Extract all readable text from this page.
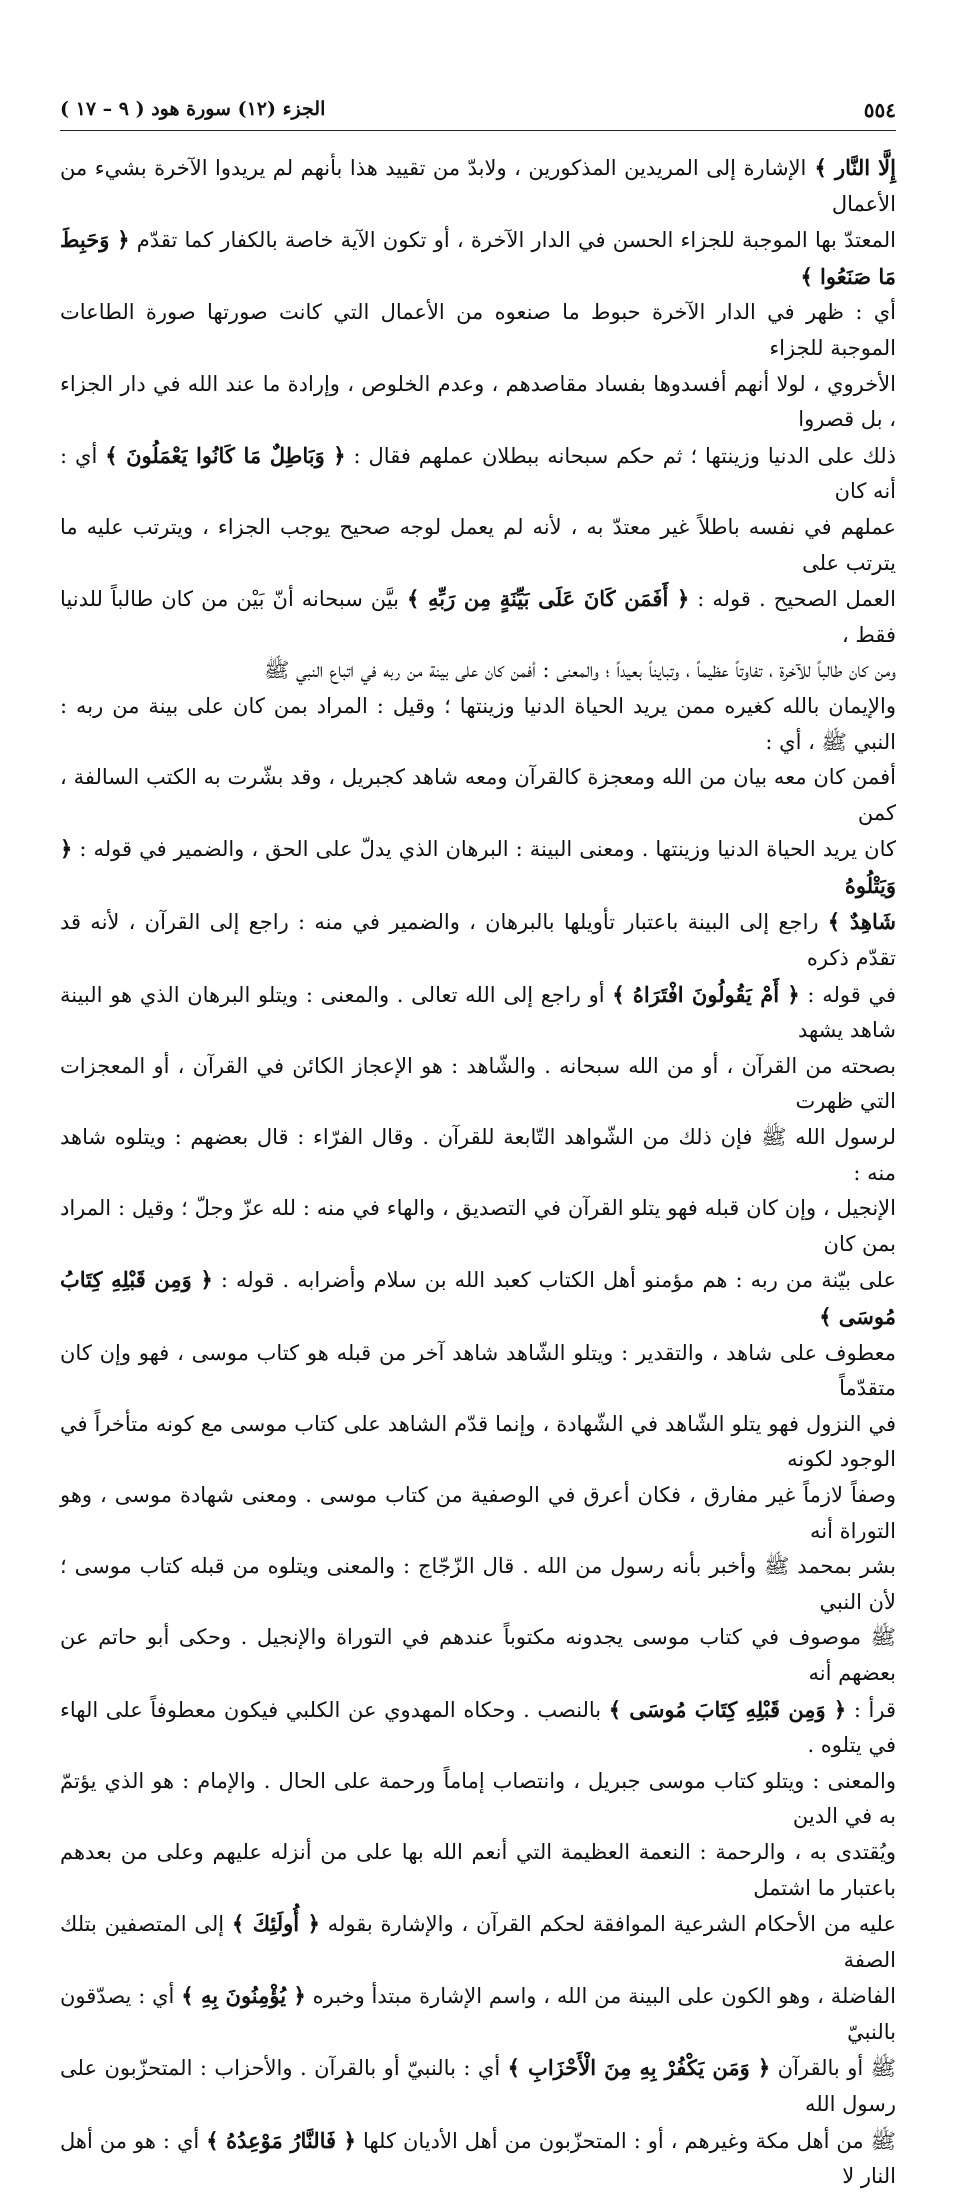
٥٥٤
الجزء (١٢) سورة هود ( ٩ – ١٧ )

إِلَّا النَّار ﴾ الإشارة إلى المريدين المذكورين ، ولابدّ من تقييد هذا بأنهم لم يريدوا الآخرة بشيء من الأعمال

المعتدّ بها الموجبة للجزاء الحسن في الدار الآخرة ، أو تكون الآية خاصة بالكفار كما تقدّم ﴿ وَحَبِطَ مَا صَنَعُوا ﴾

أي : ظهر في الدار الآخرة حبوط ما صنعوه من الأعمال التي كانت صورتها صورة الطاعات الموجبة للجزاء

الأخروي ، لولا أنهم أفسدوها بفساد مقاصدهم ، وعدم الخلوص ، وإرادة ما عند الله في دار الجزاء ، بل قصروا

ذلك على الدنيا وزينتها ؛ ثم حكم سبحانه ببطلان عملهم فقال : ﴿ وَبَاطِلٌ مَا كَانُوا يَعْمَلُونَ ﴾ أي : أنه كان

عملهم في نفسه باطلاً غير معتدّ به ، لأنه لم يعمل لوجه صحيح يوجب الجزاء ، ويترتب عليه ما يترتب على

العمل الصحيح . قوله : ﴿ أَفَمَن كَانَ عَلَى بَيِّنَةٍ مِن رَبِّهِ ﴾ بيَّن سبحانه أنّ بَيْن من كان طالباً للدنيا فقط ،

ومن كان طالباً للآخرة ، تفاوتاً عظيماً ، وتبايناً بعيداً ؛ والمعنى : أفمن كان على بينة من ربه في اتباع النبي ﷺ

والإيمان بالله كغيره ممن يريد الحياة الدنيا وزينتها ؛ وقيل : المراد بمن كان على بينة من ربه : النبي ﷺ ، أي :

أفمن كان معه بيان من الله ومعجزة كالقرآن ومعه شاهد كجبريل ، وقد بشّرت به الكتب السالفة ، كمن

كان يريد الحياة الدنيا وزينتها . ومعنى البينة : البرهان الذي يدلّ على الحق ، والضمير في قوله : ﴿ وَيَتْلُوهُ

شَاهِدٌ ﴾ راجع إلى البينة باعتبار تأويلها بالبرهان ، والضمير في منه : راجع إلى القرآن ، لأنه قد تقدّم ذكره

في قوله : ﴿ أَمْ يَقُولُونَ افْتَرَاهُ ﴾ أو راجع إلى الله تعالى . والمعنى : ويتلو البرهان الذي هو البينة شاهد يشهد

بصحته من القرآن ، أو من الله سبحانه . والشّاهد : هو الإعجاز الكائن في القرآن ، أو المعجزات التي ظهرت

لرسول الله ﷺ فإن ذلك من الشّواهد التّابعة للقرآن . وقال الفرّاء : قال بعضهم : ويتلوه شاهد منه :

الإنجيل ، وإن كان قبله فهو يتلو القرآن في التصديق ، والهاء في منه : لله عزّ وجلّ ؛ وقيل : المراد بمن كان

على بيّنة من ربه : هم مؤمنو أهل الكتاب كعبد الله بن سلام وأضرابه . قوله : ﴿ وَمِن قَبْلِهِ كِتَابُ مُوسَى ﴾

معطوف على شاهد ، والتقدير : ويتلو الشّاهد شاهد آخر من قبله هو كتاب موسى ، فهو وإن كان متقدّماً

في النزول فهو يتلو الشّاهد في الشّهادة ، وإنما قدّم الشاهد على كتاب موسى مع كونه متأخراً في الوجود لكونه

وصفاً لازماً غير مفارق ، فكان أعرق في الوصفية من كتاب موسى . ومعنى شهادة موسى ، وهو التوراة أنه

بشر بمحمد ﷺ وأخبر بأنه رسول من الله . قال الزّجّاج : والمعنى ويتلوه من قبله كتاب موسى ؛ لأن النبي

ﷺ موصوف في كتاب موسى يجدونه مكتوباً عندهم في التوراة والإنجيل . وحكى أبو حاتم عن بعضهم أنه

قرأ : ﴿ وَمِن قَبْلِهِ كِتَابَ مُوسَى ﴾ بالنصب . وحكاه المهدوي عن الكلبي فيكون معطوفاً على الهاء في يتلوه .

والمعنى : ويتلو كتاب موسى جبريل ، وانتصاب إماماً ورحمة على الحال . والإمام : هو الذي يؤتمّ به في الدين

ويُقتدى به ، والرحمة : النعمة العظيمة التي أنعم الله بها على من أنزله عليهم وعلى من بعدهم باعتبار ما اشتمل

عليه من الأحكام الشرعية الموافقة لحكم القرآن ، والإشارة بقوله ﴿ أُولَئِكَ ﴾ إلى المتصفين بتلك الصفة

الفاضلة ، وهو الكون على البينة من الله ، واسم الإشارة مبتدأ وخبره ﴿ يُؤْمِنُونَ بِهِ ﴾ أي : يصدّقون بالنبيّ

ﷺ أو بالقرآن ﴿ وَمَن يَكْفُرْ بِهِ مِنَ الْأَحْزَابِ ﴾ أي : بالنبيّ أو بالقرآن . والأحزاب : المتحزّبون على رسول الله

ﷺ من أهل مكة وغيرهم ، أو : المتحزّبون من أهل الأديان كلها ﴿ فَالنَّارُ مَوْعِدُهُ ﴾ أي : هو من أهل النار لا
